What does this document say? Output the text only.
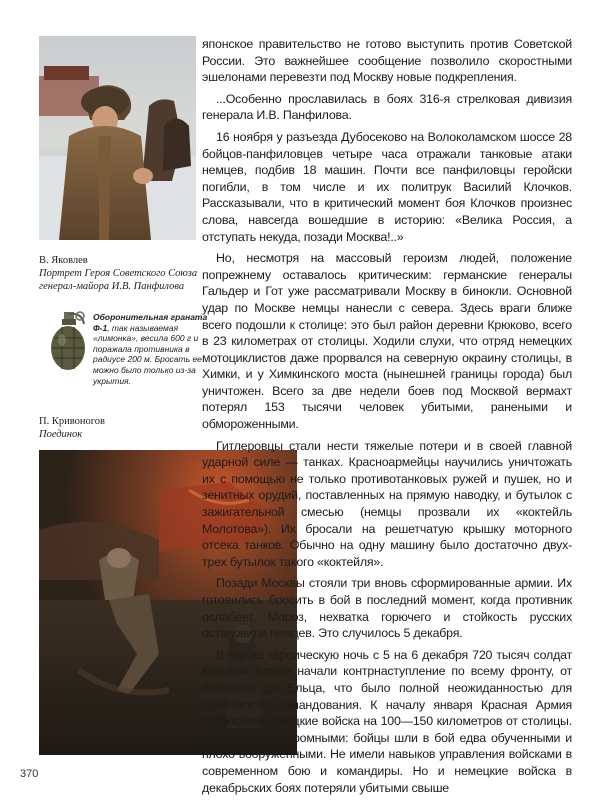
В. Яковлев
Портрет Героя Советского Союза генерал-майора И.В. Панфилова
Оборонительная граната Ф-1, так называемая «лимонка», весила 600 г и поражала противника в радиусе 200 м. Бросать ее можно было только из-за укрытия.
П. Кривоногов
Поединок

японское правительство не готово выступить против Советской России. Это важнейшее сообщение позволило скоростными эшелонами перевезти под Москву новые подкрепления.

...Особенно прославилась в боях 316-я стрелковая дивизия генерала И.В. Панфилова.

16 ноября у разъезда Дубосеково на Волоколамском шоссе 28 бойцов-панфиловцев четыре часа отражали танковые атаки немцев, подбив 18 машин. Почти все панфиловцы геройски погибли, в том числе и их политрук Василий Клочков. Рассказывали, что в критический момент боя Клочков произнес слова, навсегда вошедшие в историю: «Велика Россия, а отступать некуда, позади Москва!..»

Но, несмотря на массовый героизм людей, положение попрежнему оставалось критическим: германские генералы Гальдер и Гот уже рассматривали Москву в бинокли. Основной удар по Москве немцы нанесли с севера. Здесь враги ближе всего подошли к столице: это был район деревни Крюково, всего в 23 километрах от столицы. Ходили слухи, что отряд немецких мотоциклистов даже прорвался на северную окраину столицы, в Химки, и у Химкинского моста (нынешней границы города) был уничтожен. Всего за две недели боев под Москвой вермахт потерял 153 тысячи человек убитыми, ранеными и обмороженными.

Гитлеровцы стали нести тяжелые потери и в своей главной ударной силе — танках. Красноармейцы научились уничтожать их с помощью не только противотанковых ружей и пушек, но и зенитных орудий, поставленных на прямую наводку, и бутылок с зажигательной смесью (немцы прозвали их «коктейль Молотова»). Их бросали на решетчатую крышку моторного отсека танков. Обычно на одну машину было достаточно двух-трех бутылок такого «коктейля».

Позади Москвы стояли три вновь сформированные армии. Их готовились бросить в бой в последний момент, когда противник ослабеет. Мороз, нехватка горючего и стойкость русских остановили немцев. Это случилось 5 декабря.

В эту же героическую ночь с 5 на 6 декабря 720 тысяч солдат Красной Армии начали контрнаступление по всему фронту, от Калинина до Ельца, что было полной неожиданностью для германского командования. К началу января Красная Армия отбросила немецкие войска на 100—150 километров от столицы. Потери были огромными: бойцы шли в бой едва обученными и плохо вооруженными. Не имели навыков управления войсками в современном бою и командиры. Но и немецкие войска в декабрьских боях потеряли убитыми свыше

370
